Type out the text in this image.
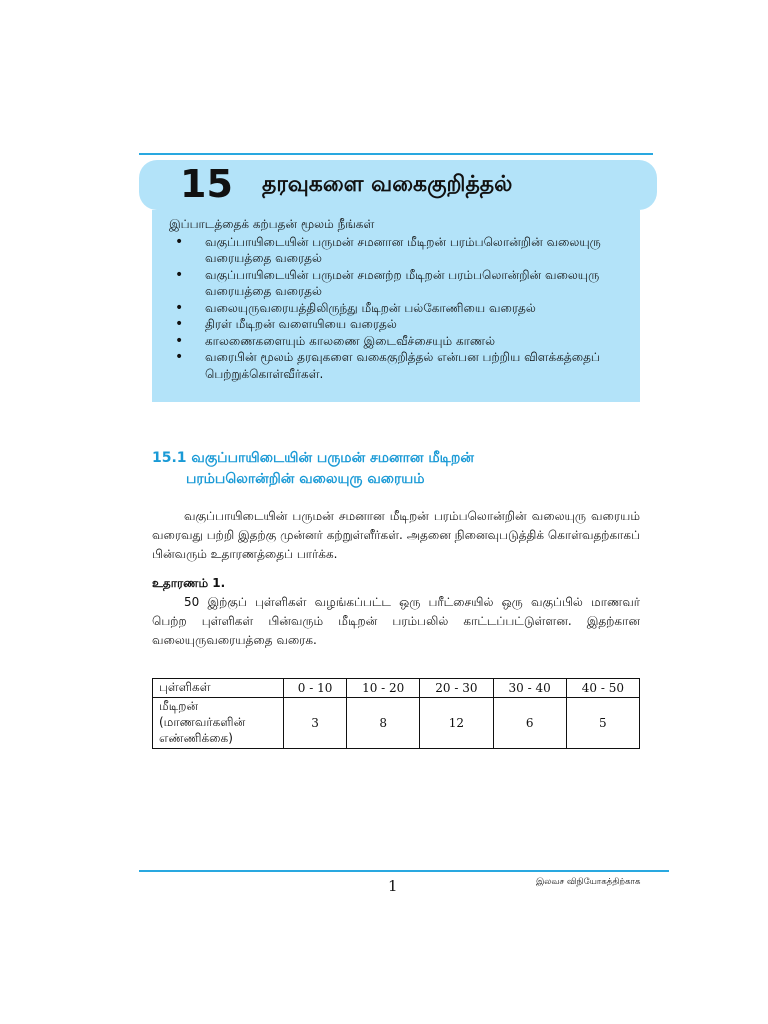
15 தரவுகளை வகைகுறித்தல்
இப்பாடத்தைக் கற்பதன் மூலம் நீங்கள்
• வகுப்பாயிடையின் பருமன் சமனான மீடிறன் பரம்பலொன்றின் வலையுரு வரையத்தை வரைதல்
• வகுப்பாயிடையின் பருமன் சமனற்ற மீடிறன் பரம்பலொன்றின் வலையுரு வரையத்தை வரைதல்
• வலையுருவரையத்திலிருந்து மீடிறன் பல்கோணியை வரைதல்
• திரள் மீடிறன் வளையியை வரைதல்
• காலணைகளையும் காலணை இடைவீச்சையும் காணல்
• வரைபின் மூலம் தரவுகளை வகைகுறித்தல் என்பன பற்றிய விளக்கத்தைப் பெற்றுக்கொள்வீர்கள்.
15.1 வகுப்பாயிடையின் பருமன் சமனான மீடிறன்
பரம்பலொன்றின் வலையுரு வரையம்
வகுப்பாயிடையின் பருமன் சமனான மீடிறன் பரம்பலொன்றின் வலையுரு வரையம் வரைவது பற்றி இதற்கு முன்னர் கற்றுள்ளீர்கள். அதனை நினைவுபடுத்திக் கொள்வதற்காகப் பின்வரும் உதாரணத்தைப் பார்க்க.
உதாரணம் 1.
50 இற்குப் புள்ளிகள் வழங்கப்பட்ட ஒரு பரீட்சையில் ஒரு வகுப்பில் மாணவர் பெற்ற புள்ளிகள் பின்வரும் மீடிறன் பரம்பலில் காட்டப்பட்டுள்ளன. இதற்கான வலையுருவரையத்தை வரைக.
புள்ளிகள்	0 - 10	10 - 20	20 - 30	30 - 40	40 - 50
மீடிறன் (மாணவர்களின் எண்ணிக்கை)	3	8	12	6	5
1	இலவச விநியோகத்திற்காக
